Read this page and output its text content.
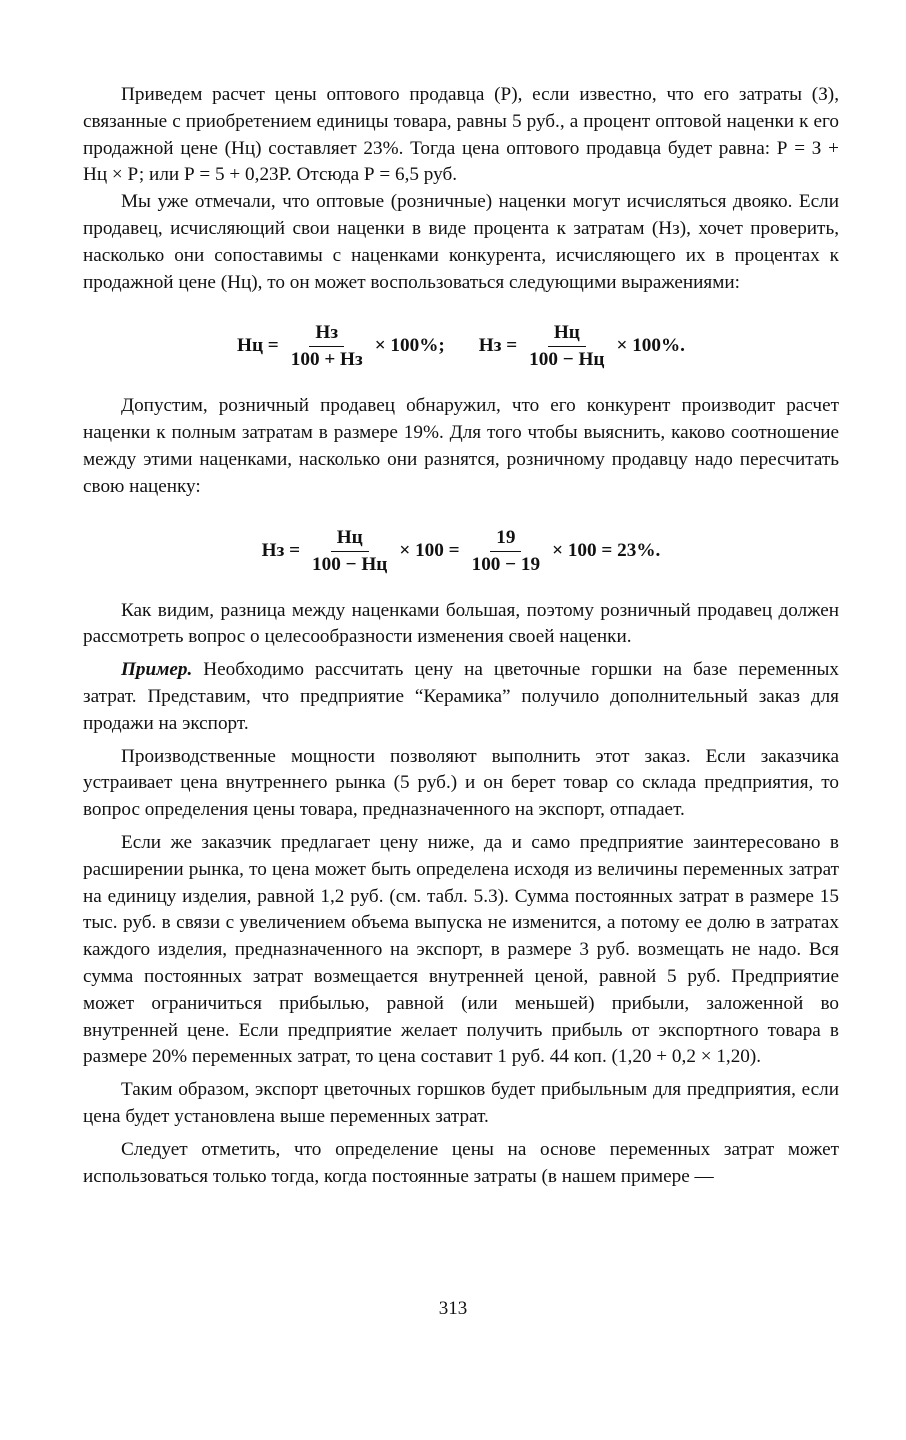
Приведем расчет цены оптового продавца (Р), если известно, что его затраты (З), связанные с приобретением единицы товара, равны 5 руб., а процент оптовой наценки к его продажной цене (Нц) составляет 23%. Тогда цена оптового продавца будет равна: Р = З + Нц × Р; или Р = 5 + 0,23Р. Отсюда Р = 6,5 руб.

Мы уже отмечали, что оптовые (розничные) наценки могут исчисляться двояко. Если продавец, исчисляющий свои наценки в виде процента к затратам (Нз), хочет проверить, насколько они сопоставимы с наценками конкурента, исчисляющего их в процентах к продажной цене (Нц), то он может воспользоваться следующими выражениями:

Нц = $\frac{Нз}{100 + Нз} \times 100\%$; Нз = $\frac{Нц}{100 - Нц} \times 100\%$.

Допустим, розничный продавец обнаружил, что его конкурент производит расчет наценки к полным затратам в размере 19%. Для того чтобы выяснить, каково соотношение между этими наценками, насколько они разнятся, розничному продавцу надо пересчитать свою наценку:

Нз = $\frac{Нц}{100 - Нц} \times 100 = \frac{19}{100 - 19} \times 100 = 23\%$.

Как видим, разница между наценками большая, поэтому розничный продавец должен рассмотреть вопрос о целесообразности изменения своей наценки.

Пример. Необходимо рассчитать цену на цветочные горшки на базе переменных затрат. Представим, что предприятие “Керамика” получило дополнительный заказ для продажи на экспорт.

Производственные мощности позволяют выполнить этот заказ. Если заказчика устраивает цена внутреннего рынка (5 руб.) и он берет товар со склада предприятия, то вопрос определения цены товара, предназначенного на экспорт, отпадает.

Если же заказчик предлагает цену ниже, да и само предприятие заинтересовано в расширении рынка, то цена может быть определена исходя из величины переменных затрат на единицу изделия, равной 1,2 руб. (см. табл. 5.3). Сумма постоянных затрат в размере 15 тыс. руб. в связи с увеличением объема выпуска не изменится, а потому ее долю в затратах каждого изделия, предназначенного на экспорт, в размере 3 руб. возмещать не надо. Вся сумма постоянных затрат возмещается внутренней ценой, равной 5 руб. Предприятие может ограничиться прибылью, равной (или меньшей) прибыли, заложенной во внутренней цене. Если предприятие желает получить прибыль от экспортного товара в размере 20% переменных затрат, то цена составит 1 руб. 44 коп. (1,20 + 0,2 × 1,20).

Таким образом, экспорт цветочных горшков будет прибыльным для предприятия, если цена будет установлена выше переменных затрат.

Следует отметить, что определение цены на основе переменных затрат может использоваться только тогда, когда постоянные затраты (в нашем примере —

313
